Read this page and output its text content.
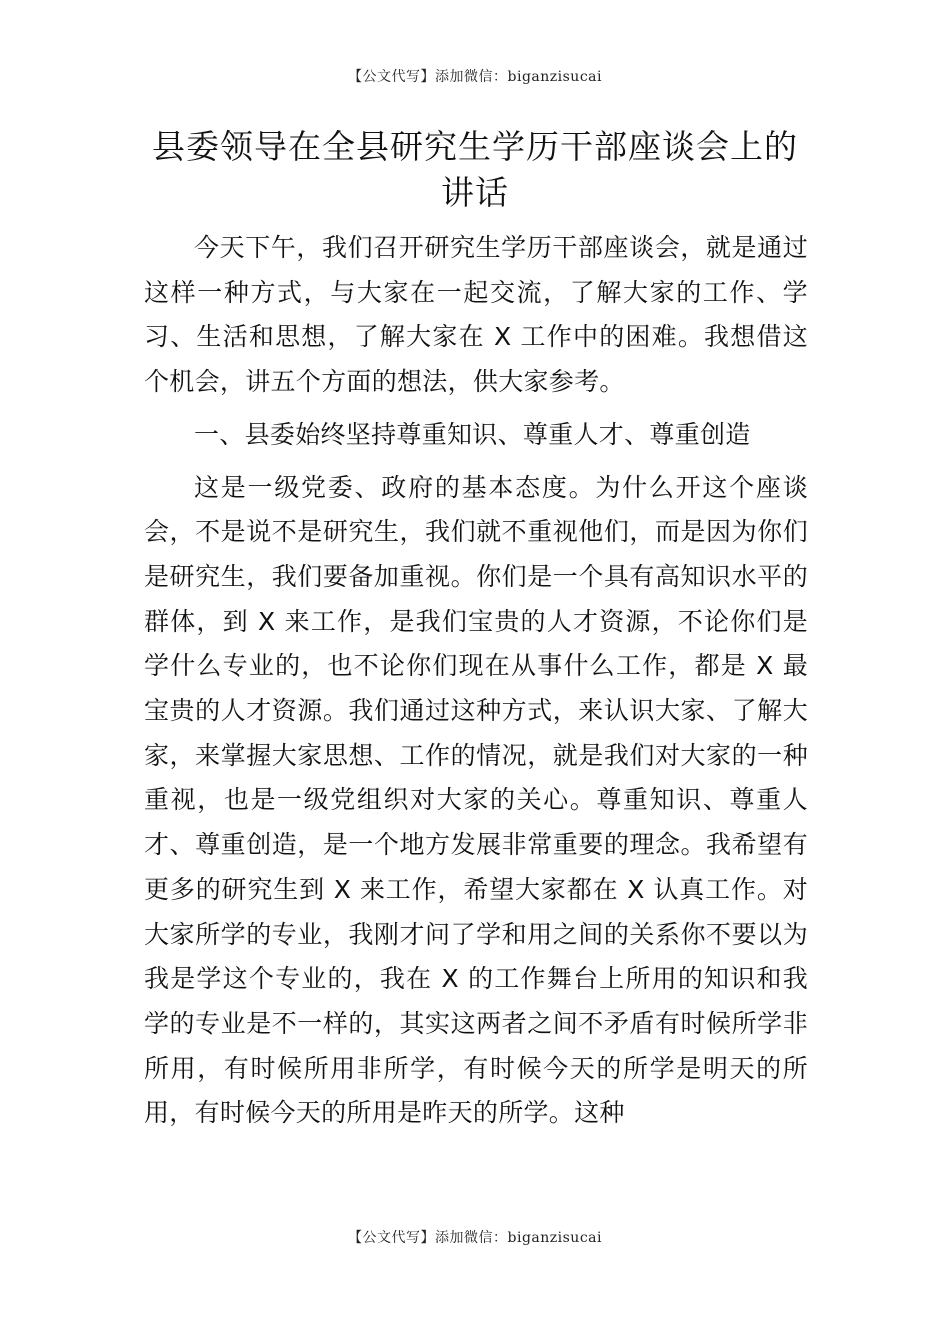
【公文代写】添加微信：biganzisucai
县委领导在全县研究生学历干部座谈会上的
讲话

今天下午，我们召开研究生学历干部座谈会，就是通过这样一种方式，与大家在一起交流，了解大家的工作、学习、生活和思想，了解大家在 X 工作中的困难。我想借这个机会，讲五个方面的想法，供大家参考。

一、县委始终坚持尊重知识、尊重人才、尊重创造

这是一级党委、政府的基本态度。为什么开这个座谈会，不是说不是研究生，我们就不重视他们，而是因为你们是研究生，我们要备加重视。你们是一个具有高知识水平的群体，到 X 来工作，是我们宝贵的人才资源，不论你们是学什么专业的，也不论你们现在从事什么工作，都是 X 最宝贵的人才资源。我们通过这种方式，来认识大家、了解大家，来掌握大家思想、工作的情况，就是我们对大家的一种重视，也是一级党组织对大家的关心。尊重知识、尊重人才、尊重创造，是一个地方发展非常重要的理念。我希望有更多的研究生到 X 来工作，希望大家都在 X 认真工作。对大家所学的专业，我刚才问了学和用之间的关系你不要以为我是学这个专业的，我在 X 的工作舞台上所用的知识和我学的专业是不一样的，其实这两者之间不矛盾有时候所学非所用，有时候所用非所学，有时候今天的所学是明天的所用，有时候今天的所用是昨天的所学。这种

【公文代写】添加微信：biganzisucai
